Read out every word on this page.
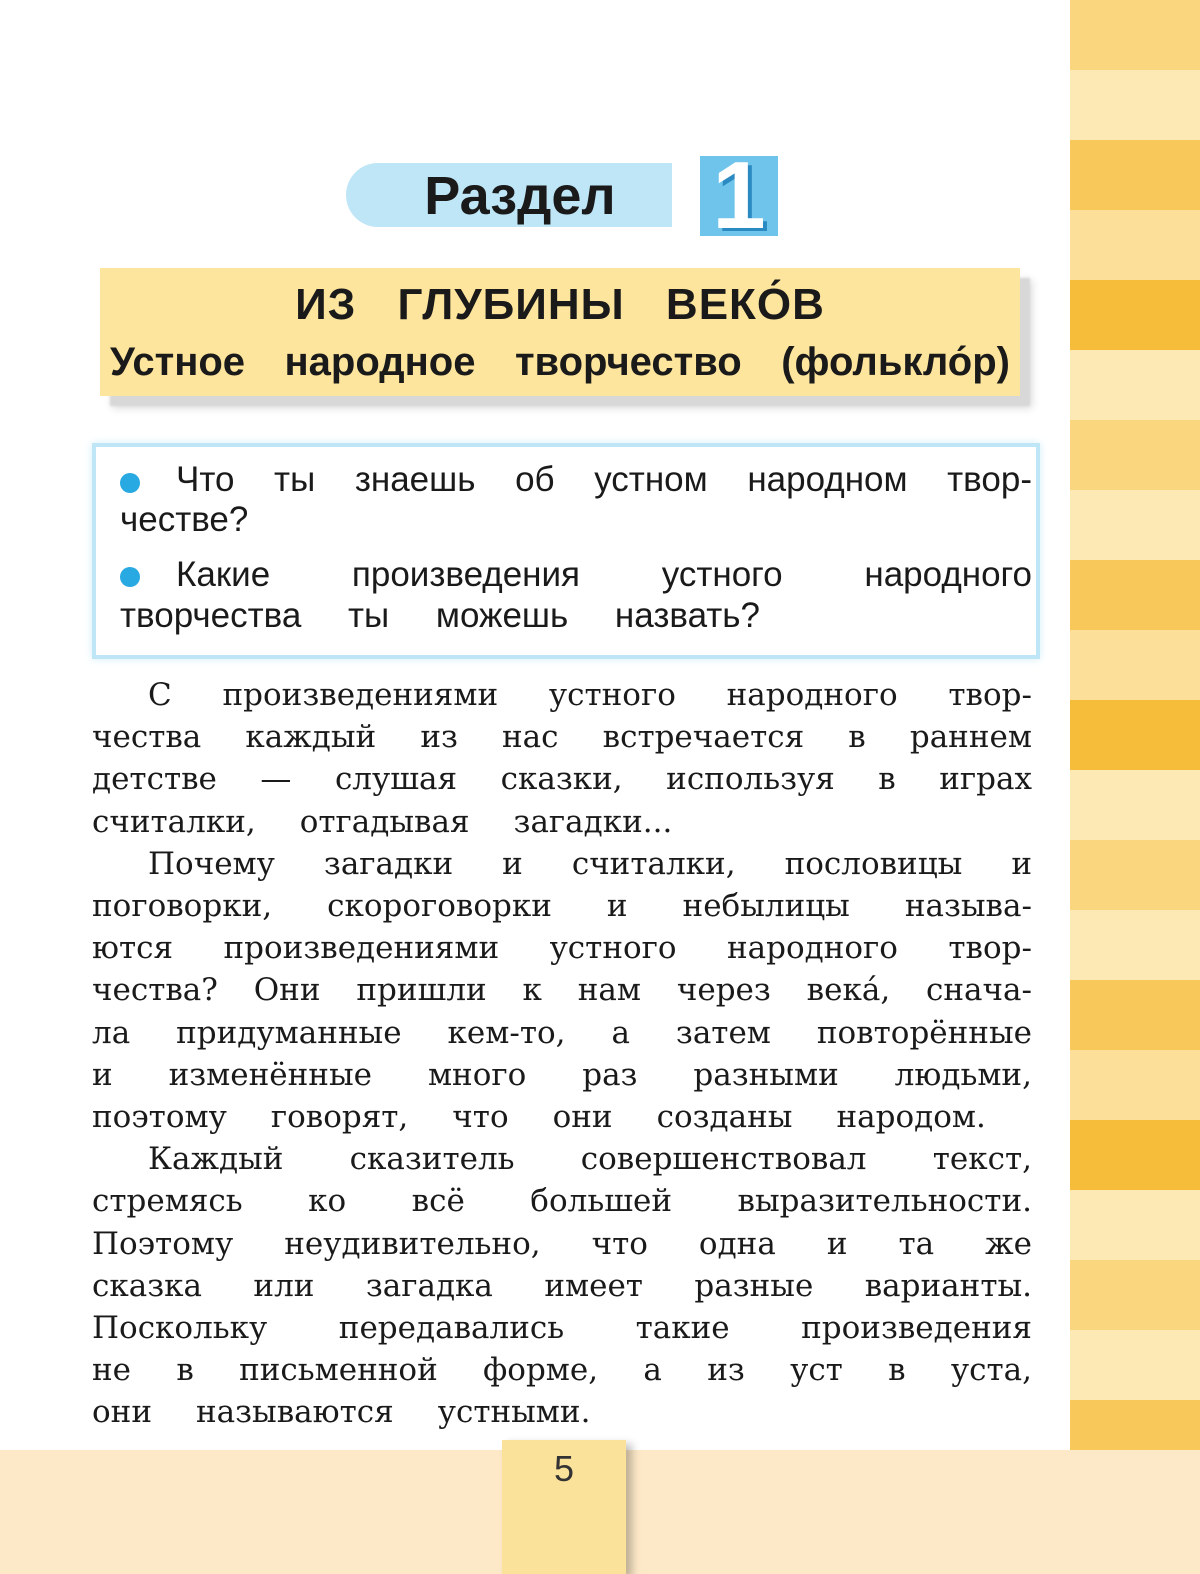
5
Раздел	1
ИЗ ГЛУБИНЫ ВЕКО́В
Устное народное творчество (фолькло́р)
Что ты знаешь об устном народном твор-
честве?
Какие произведения устного народного
творчества ты можешь назвать?
С произведениями устного народного твор-
чества каждый из нас встречается в раннем
детстве — слушая сказки, используя в играх
считалки, отгадывая загадки...
Почему загадки и считалки, пословицы и
поговорки, скороговорки и небылицы называ-
ются произведениями устного народного твор-
чества? Они пришли к нам через века́, снача-
ла придуманные кем-то, а затем повторённые
и изменённые много раз разными людьми,
поэтому говорят, что они созданы народом.
Каждый сказитель совершенствовал текст,
стремясь ко всё большей выразительности.
Поэтому неудивительно, что одна и та же
сказка или загадка имеет разные варианты.
Поскольку передавались такие произведения
не в письменной форме, а из уст в уста,
они называются устными.
